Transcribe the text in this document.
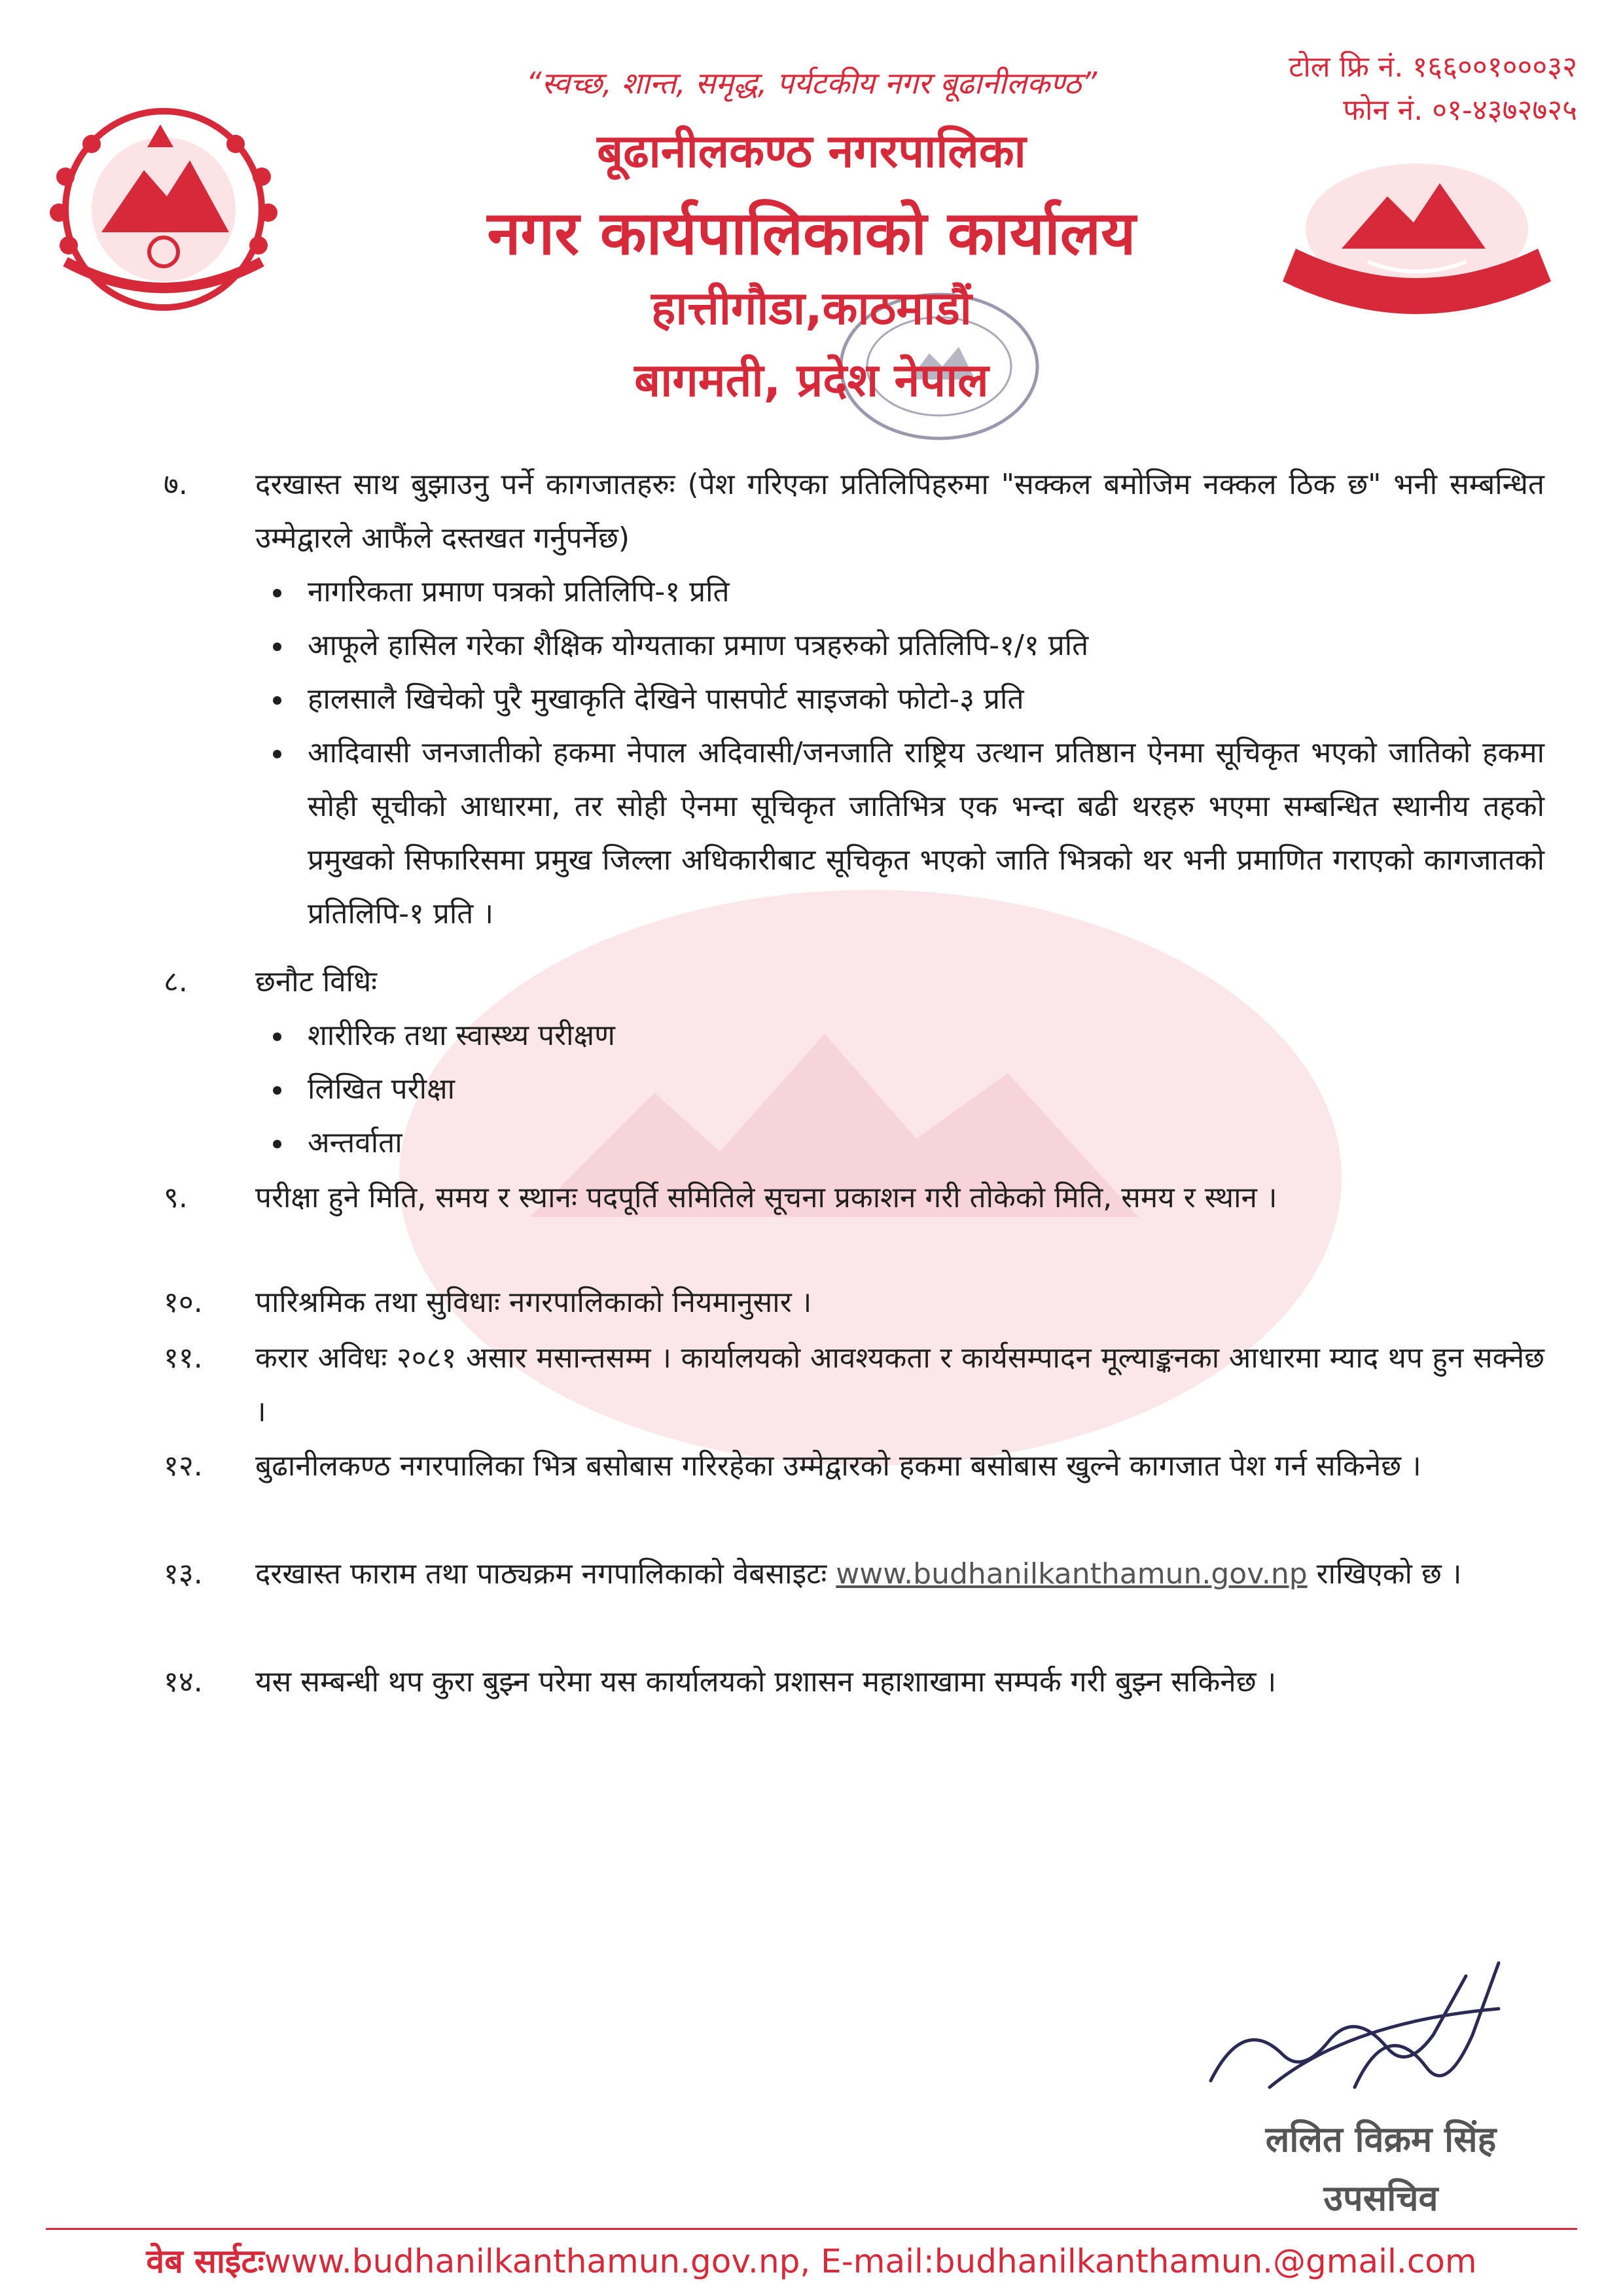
“स्वच्छ, शान्त, समृद्ध, पर्यटकीय नगर बूढानीलकण्ठ”
बूढानीलकण्ठ नगरपालिका
नगर कार्यपालिकाको कार्यालय
हात्तीगौडा,काठमाडौं
बागमती, प्रदेश नेपाल
टोल फ्रि नं. १६६००१०००३२
फोन नं. ०१-४३७२७२५
७.	दरखास्त साथ बुझाउनु पर्ने कागजातहरुः (पेश गरिएका प्रतिलिपिहरुमा "सक्कल बमोजिम नक्कल ठिक छ" भनी सम्बन्धित उम्मेद्वारले आफैंले दस्तखत गर्नुपर्नेछ)
• नागरिकता प्रमाण पत्रको प्रतिलिपि-१ प्रति
• आफूले हासिल गरेका शैक्षिक योग्यताका प्रमाण पत्रहरुको प्रतिलिपि-१/१ प्रति
• हालसालै खिचेको पुरै मुखाकृति देखिने पासपोर्ट साइजको फोटो-३ प्रति
• आदिवासी जनजातीको हकमा नेपाल अदिवासी/जनजाति राष्ट्रिय उत्थान प्रतिष्ठान ऐनमा सूचिकृत भएको जातिको हकमा सोही सूचीको आधारमा, तर सोही ऐनमा सूचिकृत जातिभित्र एक भन्दा बढी थरहरु भएमा सम्बन्धित स्थानीय तहको प्रमुखको सिफारिसमा प्रमुख जिल्ला अधिकारीबाट सूचिकृत भएको जाति भित्रको थर भनी प्रमाणित गराएको कागजातको प्रतिलिपि-१ प्रति ।
८.	छनौट विधिः
• शारीरिक तथा स्वास्थ्य परीक्षण
• लिखित परीक्षा
• अन्तर्वाता
९.	परीक्षा हुने मिति, समय र स्थानः पदपूर्ति समितिले सूचना प्रकाशन गरी तोकेको मिति, समय र स्थान ।
१०.	पारिश्रमिक तथा सुविधाः नगरपालिकाको नियमानुसार ।
११.	करार अविधः २०८१ असार मसान्तसम्म । कार्यालयको आवश्यकता र कार्यसम्पादन मूल्याङ्कनका आधारमा म्याद थप हुन सक्नेछ ।
१२.	बुढानीलकण्ठ नगरपालिका भित्र बसोबास गरिरहेका उम्मेद्वारको हकमा बसोबास खुल्ने कागजात पेश गर्न सकिनेछ ।
१३.	दरखास्त फाराम तथा पाठ्यक्रम नगपालिकाको वेबसाइटः www.budhanilkanthamun.gov.np राखिएको छ ।
१४.	यस सम्बन्धी थप कुरा बुझ्न परेमा यस कार्यालयको प्रशासन महाशाखामा सम्पर्क गरी बुझ्न सकिनेछ ।
ललित विक्रम सिंह
उपसचिव
वेब साईटःwww.budhanilkanthamun.gov.np, E-mail:budhanilkanthamun.@gmail.com
